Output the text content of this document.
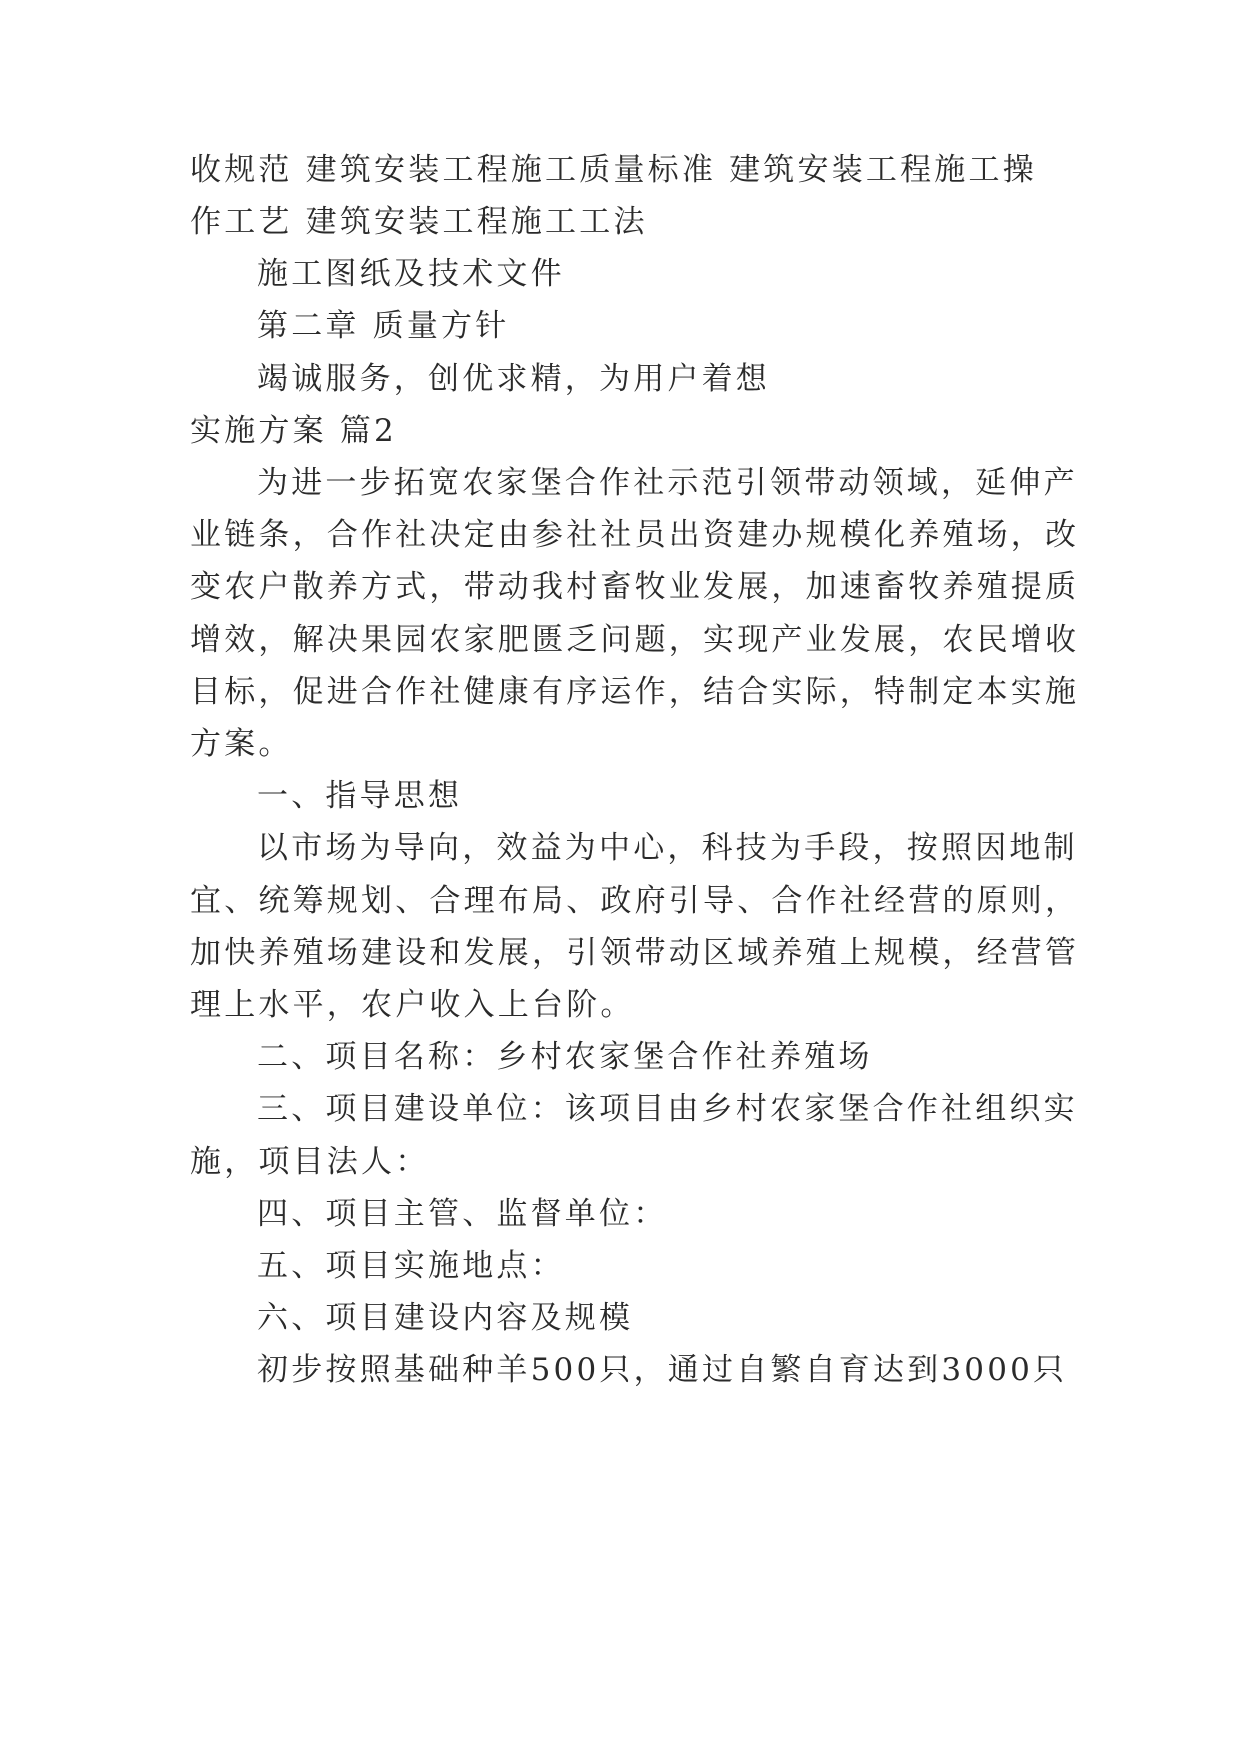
收规范 建筑安装工程施工质量标准 建筑安装工程施工操
作工艺 建筑安装工程施工工法
施工图纸及技术文件
第二章 质量方针
竭诚服务，创优求精，为用户着想
实施方案 篇2
为进一步拓宽农家堡合作社示范引领带动领域，延伸产
业链条，合作社决定由参社社员出资建办规模化养殖场，改
变农户散养方式，带动我村畜牧业发展，加速畜牧养殖提质
增效，解决果园农家肥匮乏问题，实现产业发展，农民增收
目标，促进合作社健康有序运作，结合实际，特制定本实施
方案。
一、指导思想
以市场为导向，效益为中心，科技为手段，按照因地制
宜、统筹规划、合理布局、政府引导、合作社经营的原则，
加快养殖场建设和发展，引领带动区域养殖上规模，经营管
理上水平，农户收入上台阶。
二、项目名称：乡村农家堡合作社养殖场
三、项目建设单位：该项目由乡村农家堡合作社组织实
施，项目法人：
四、项目主管、监督单位：
五、项目实施地点：
六、项目建设内容及规模
初步按照基础种羊500只，通过自繁自育达到3000只
